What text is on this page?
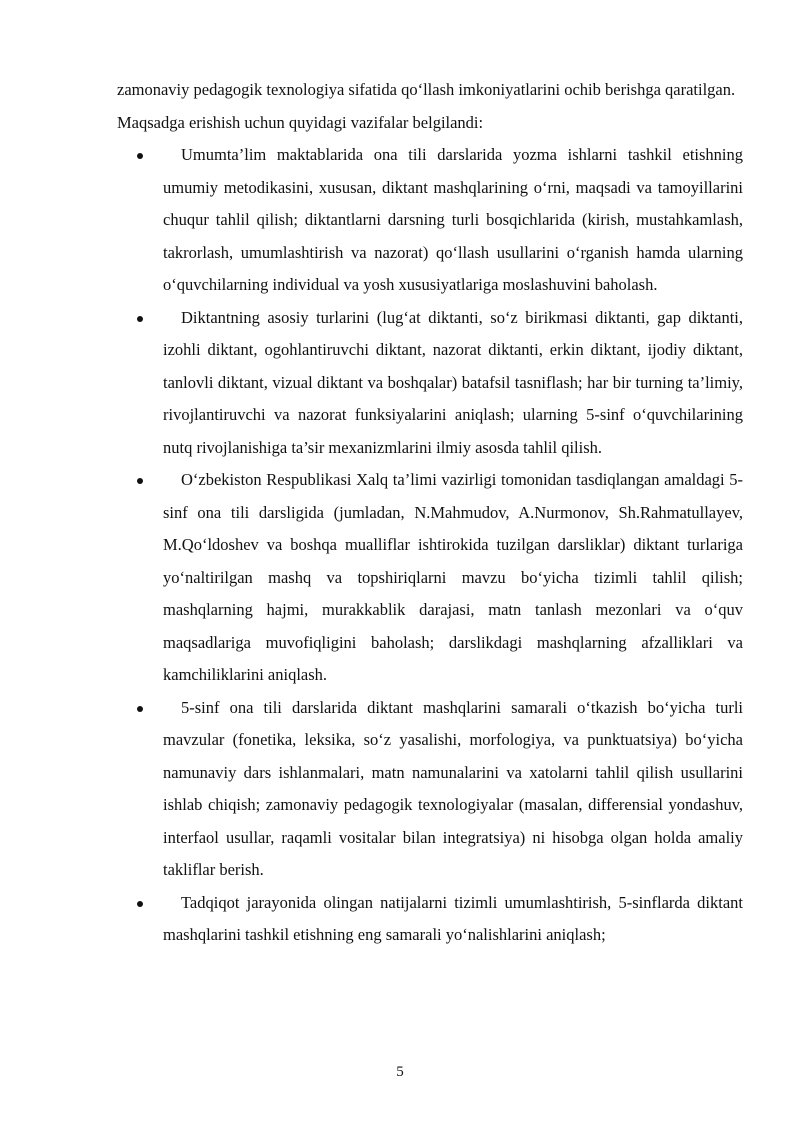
zamonaviy pedagogik texnologiya sifatida qo‘llash imkoniyatlarini ochib berishga qaratilgan.

Maqsadga erishish uchun quyidagi vazifalar belgilandi:

Umumta’lim maktablarida ona tili darslarida yozma ishlarni tashkil etishning umumiy metodikasini, xususan, diktant mashqlarining o‘rni, maqsadi va tamoyillarini chuqur tahlil qilish; diktantlarni darsning turli bosqichlarida (kirish, mustahkamlash, takrorlash, umumlashtirish va nazorat) qo‘llash usullarini o‘rganish hamda ularning o‘quvchilarning individual va yosh xususiyatlariga moslashuvini baholash.
Diktantning asosiy turlarini (lug‘at diktanti, so‘z birikmasi diktanti, gap diktanti, izohli diktant, ogohlantiruvchi diktant, nazorat diktanti, erkin diktant, ijodiy diktant, tanlovli diktant, vizual diktant va boshqalar) batafsil tasniflash; har bir turning ta’limiy, rivojlantiruvchi va nazorat funksiyalarini aniqlash; ularning 5-sinf o‘quvchilarining nutq rivojlanishiga ta’sir mexanizmlarini ilmiy asosda tahlil qilish.
O‘zbekiston Respublikasi Xalq ta’limi vazirligi tomonidan tasdiqlangan amaldagi 5-sinf ona tili darsligida (jumladan, N.Mahmudov, A.Nurmonov, Sh.Rahmatullayev, M.Qo‘ldoshev va boshqa mualliflar ishtirokida tuzilgan darsliklar) diktant turlariga yo‘naltirilgan mashq va topshiriqlarni mavzu bo‘yicha tizimli tahlil qilish; mashqlarning hajmi, murakkablik darajasi, matn tanlash mezonlari va o‘quv maqsadlariga muvofiqligini baholash; darslikdagi mashqlarning afzalliklari va kamchiliklarini aniqlash.
5-sinf ona tili darslarida diktant mashqlarini samarali o‘tkazish bo‘yicha turli mavzular (fonetika, leksika, so‘z yasalishi, morfologiya, va punktuatsiya) bo‘yicha namunaviy dars ishlanmalari, matn namunalarini va xatolarni tahlil qilish usullarini ishlab chiqish; zamonaviy pedagogik texnologiyalar (masalan, differensial yondashuv, interfaol usullar, raqamli vositalar bilan integratsiya) ni hisobga olgan holda amaliy takliflar berish.
Tadqiqot jarayonida olingan natijalarni tizimli umumlashtirish, 5-sinflarda diktant mashqlarini tashkil etishning eng samarali yo‘nalishlarini aniqlash;
5
